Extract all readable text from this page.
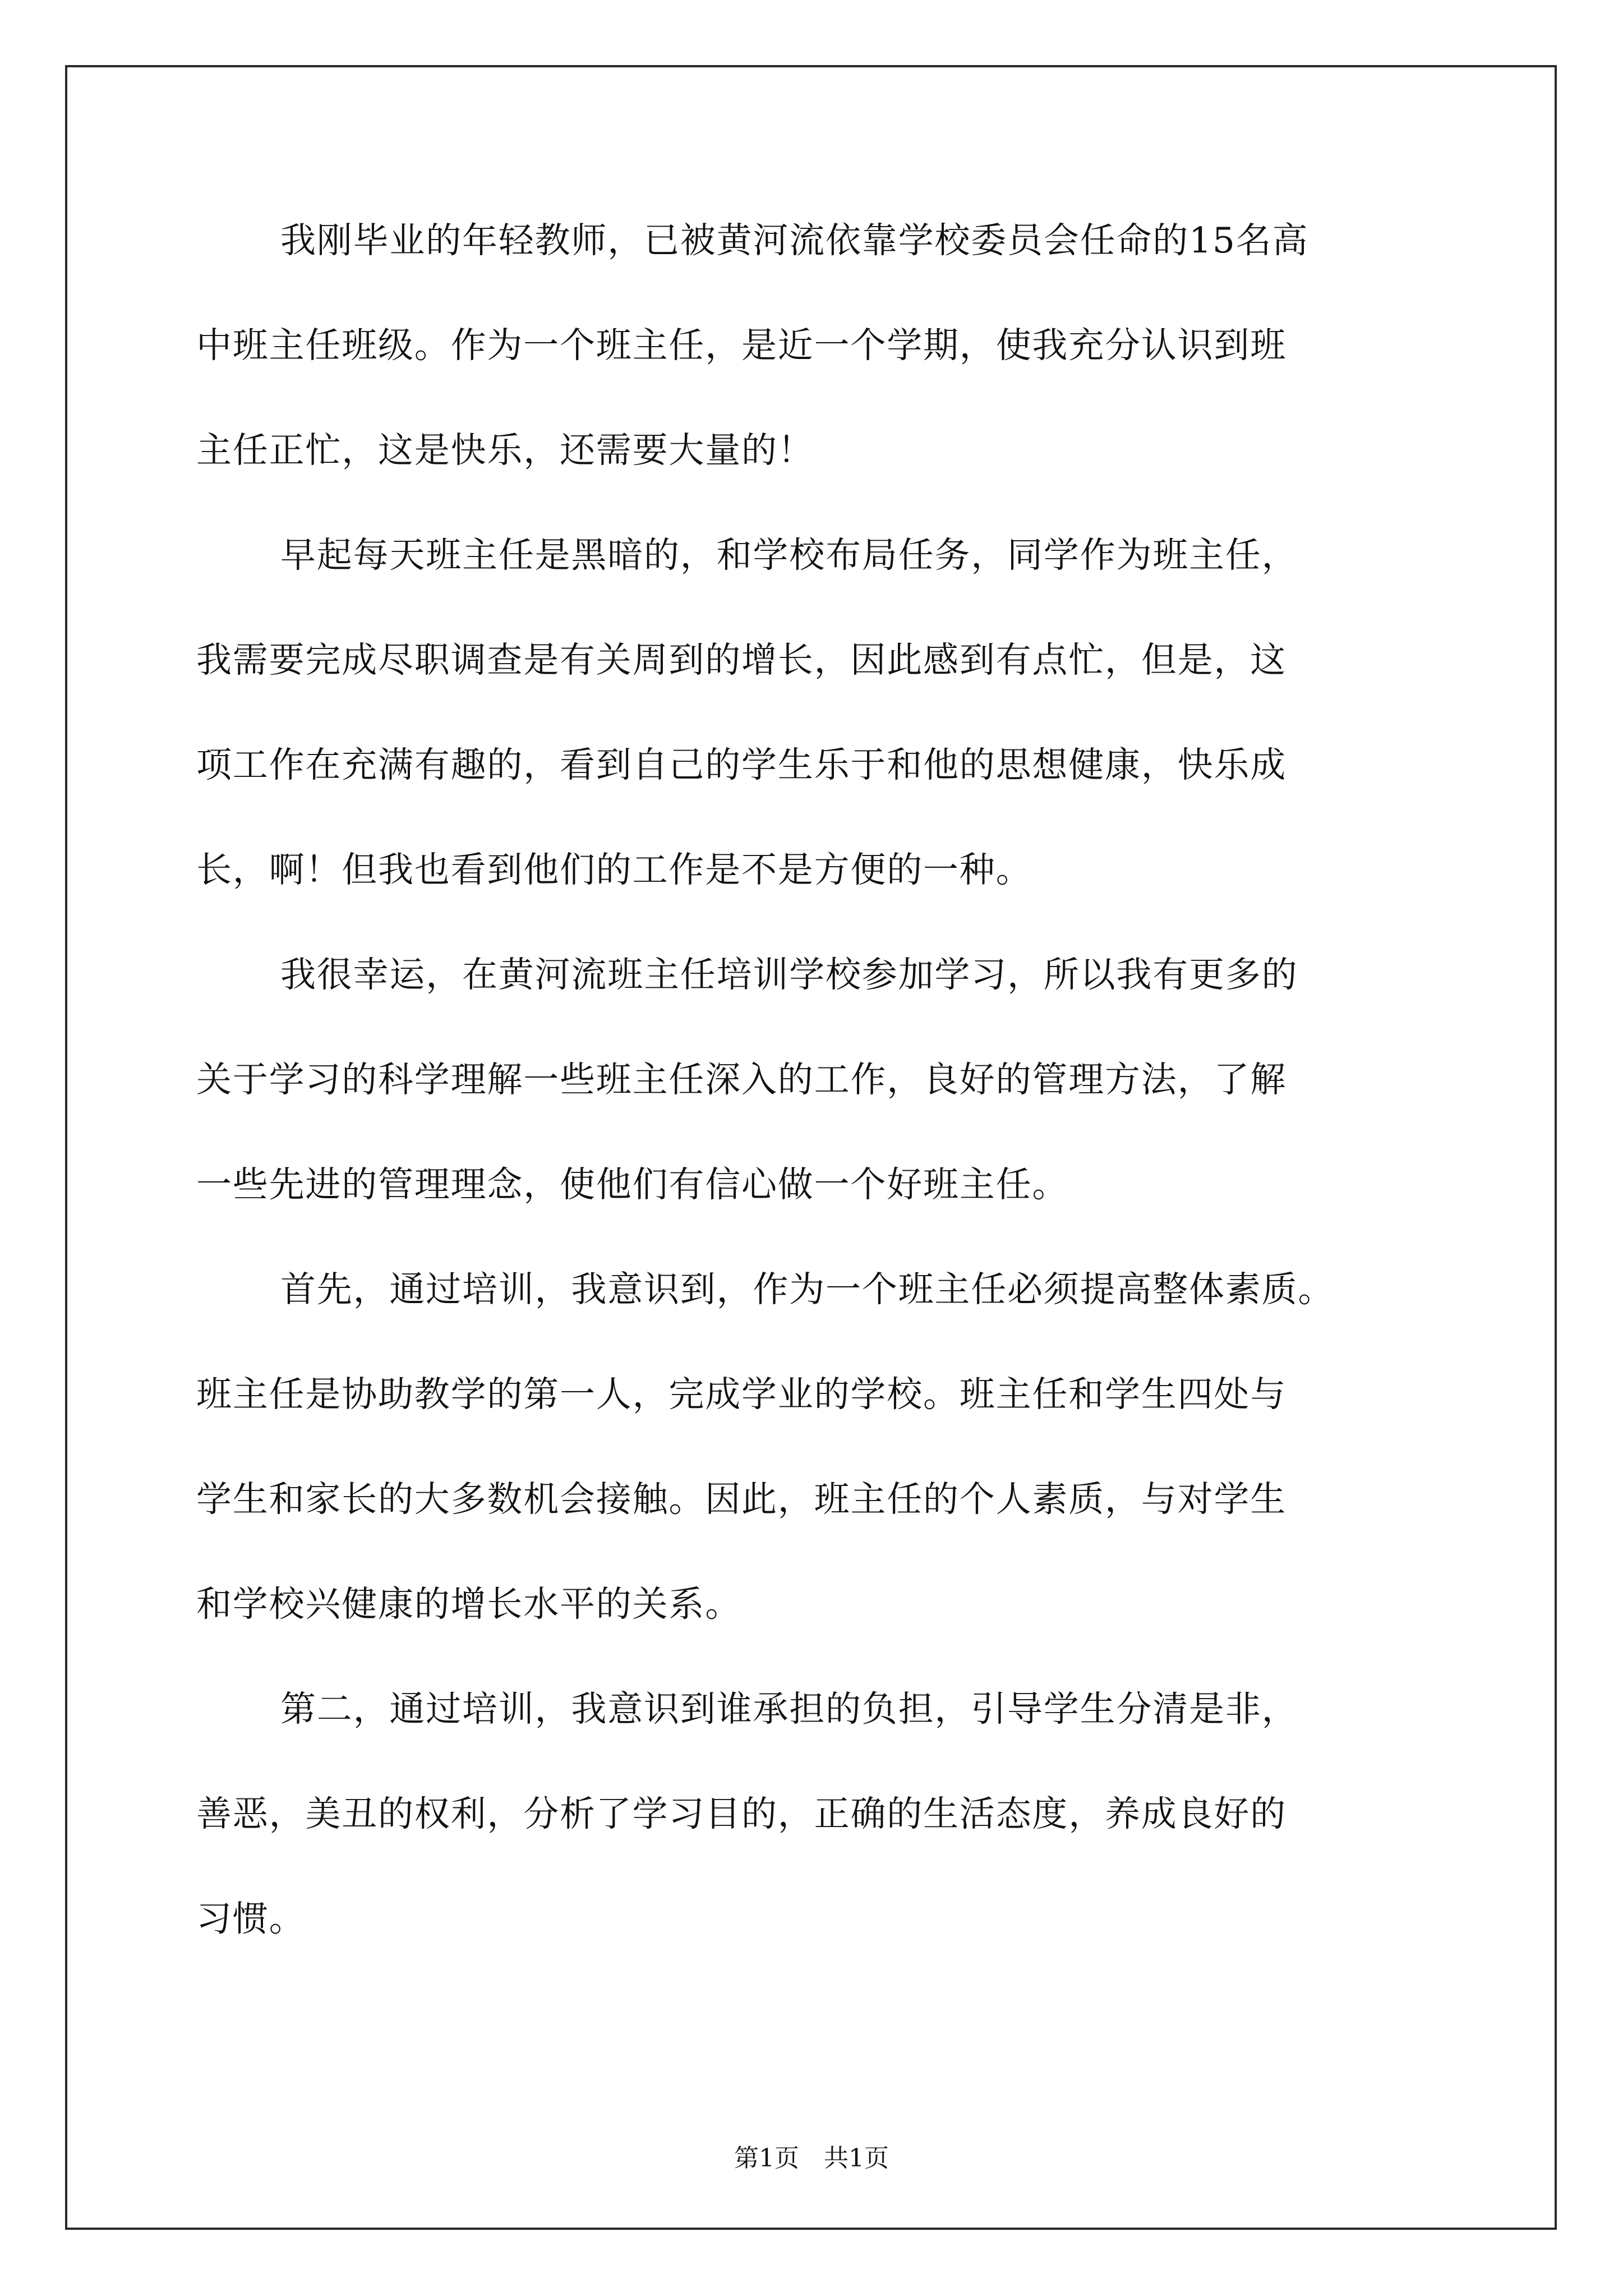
我刚毕业的年轻教师，已被黄河流依靠学校委员会任命的15名高
中班主任班级。作为一个班主任，是近一个学期，使我充分认识到班
主任正忙，这是快乐，还需要大量的！
早起每天班主任是黑暗的，和学校布局任务，同学作为班主任，
我需要完成尽职调查是有关周到的增长，因此感到有点忙，但是，这
项工作在充满有趣的，看到自己的学生乐于和他的思想健康，快乐成
长，啊！但我也看到他们的工作是不是方便的一种。
我很幸运，在黄河流班主任培训学校参加学习，所以我有更多的
关于学习的科学理解一些班主任深入的工作，良好的管理方法，了解
一些先进的管理理念，使他们有信心做一个好班主任。
首先，通过培训，我意识到，作为一个班主任必须提高整体素质。
班主任是协助教学的第一人，完成学业的学校。班主任和学生四处与
学生和家长的大多数机会接触。因此，班主任的个人素质，与对学生
和学校兴健康的增长水平的关系。
第二，通过培训，我意识到谁承担的负担，引导学生分清是非，
善恶，美丑的权利，分析了学习目的，正确的生活态度，养成良好的
习惯。
第1页　共1页
